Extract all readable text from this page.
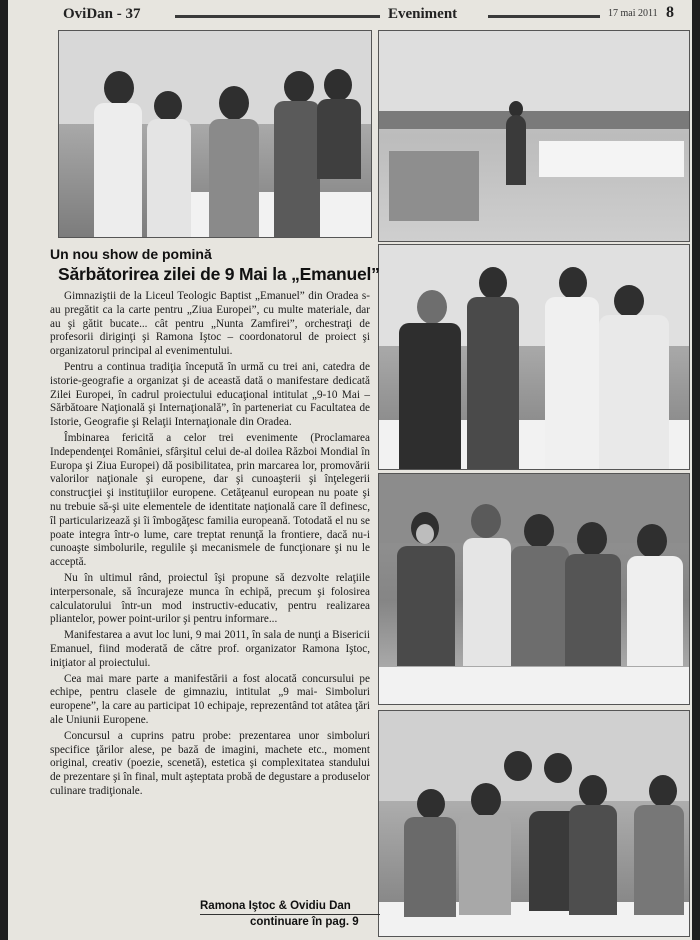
OviDan - 37	Eveniment	17 mai 2011 8
Un nou show de pomină
Sărbătorirea zilei de 9 Mai la „Emanuel”

Gimnaziştii de la Liceul Teologic Baptist „Emanuel” din Oradea s-au pregătit ca la carte pentru „Ziua Europei”, cu multe materiale, dar au şi gătit bucate... cât pentru „Nunta Zamfirei”, orchestraţi de profesorii diriginţi şi Ramona Iştoc – coordonatorul de proiect şi organizatorul principal al evenimentului.

Pentru a continua tradiţia începută în urmă cu trei ani, catedra de istorie-geografie a organizat şi de această dată o manifestare dedicată Zilei Europei, în cadrul proiectului educaţional intitulat „9-10 Mai – Sărbătoare Naţională şi Internaţională”, în parteneriat cu Facultatea de Istorie, Geografie şi Relaţii Internaţionale din Oradea.

Îmbinarea fericită a celor trei evenimente (Proclamarea Independenţei României, sfârşitul celui de-al doilea Război Mondial în Europa şi Ziua Europei) dă posibilitatea, prin marcarea lor, promovării valorilor naţionale şi europene, dar şi cunoaşterii şi înţelegerii construcţiei şi instituţiilor europene. Cetăţeanul european nu poate şi nu trebuie să-şi uite elementele de identitate naţională care îl definesc, îl particularizează şi îi îmbogăţesc familia europeană. Totodată el nu se poate integra într-o lume, care treptat renunţă la frontiere, dacă nu-i cunoaşte simbolurile, regulile şi mecanismele de funcţionare şi nu le acceptă.

Nu în ultimul rând, proiectul îşi propune să dezvolte relaţiile interpersonale, să încurajeze munca în echipă, precum şi folosirea calculatorului într-un mod instructiv-educativ, pentru realizarea pliantelor, power point-urilor şi pentru informare...

Manifestarea a avut loc luni, 9 mai 2011, în sala de nunţi a Bisericii Emanuel, fiind moderată de către prof. organizator Ramona Iştoc, iniţiator al proiectului.

Cea mai mare parte a manifestării a fost alocată concursului pe echipe, pentru clasele de gimnaziu, intitulat „9 mai- Simboluri europene”, la care au participat 10 echipaje, reprezentând tot atâtea ţări ale Uniunii Europene.

Concursul a cuprins patru probe: prezentarea unor simboluri specifice ţărilor alese, pe bază de imagini, machete etc., moment original, creativ (poezie, scenetă), estetica şi complexitatea standului de prezentare şi în final, mult aşteptata probă de degustare a produselor culinare tradiţionale.

Ramona Iştoc & Ovidiu Dan
continuare în pag. 9
